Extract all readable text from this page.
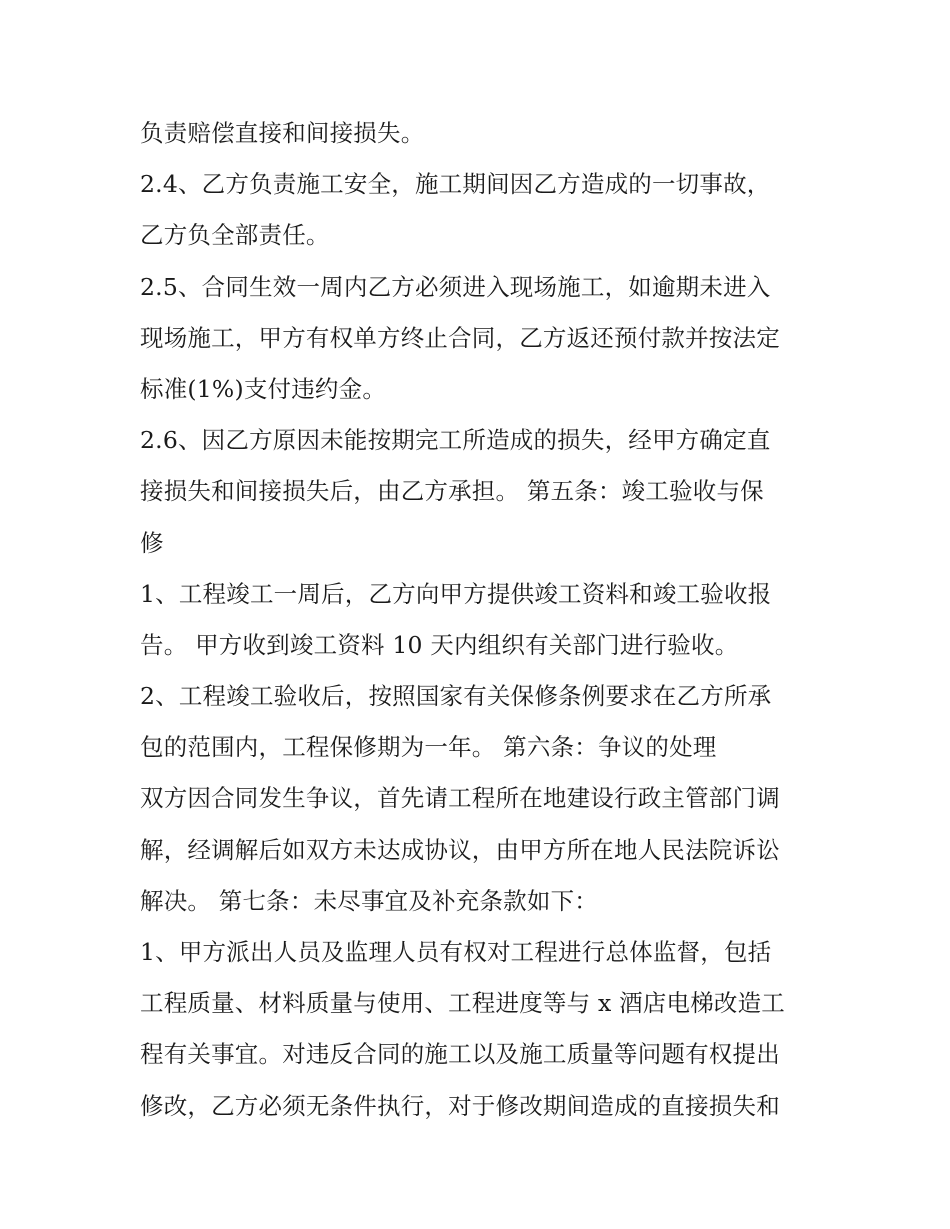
负责赔偿直接和间接损失。
2.4、乙方负责施工安全，施工期间因乙方造成的一切事故，
乙方负全部责任。
2.5、合同生效一周内乙方必须进入现场施工，如逾期未进入
现场施工，甲方有权单方终止合同，乙方返还预付款并按法定
标准(1%)支付违约金。
2.6、因乙方原因未能按期完工所造成的损失，经甲方确定直
接损失和间接损失后，由乙方承担。 第五条：竣工验收与保
修
1、工程竣工一周后，乙方向甲方提供竣工资料和竣工验收报
告。 甲方收到竣工资料 10 天内组织有关部门进行验收。
2、工程竣工验收后，按照国家有关保修条例要求在乙方所承
包的范围内，工程保修期为一年。 第六条：争议的处理
双方因合同发生争议，首先请工程所在地建设行政主管部门调
解，经调解后如双方未达成协议，由甲方所在地人民法院诉讼
解决。 第七条：未尽事宜及补充条款如下：
1、甲方派出人员及监理人员有权对工程进行总体监督，包括
工程质量、材料质量与使用、工程进度等与 x 酒店电梯改造工
程有关事宜。对违反合同的施工以及施工质量等问题有权提出
修改，乙方必须无条件执行，对于修改期间造成的直接损失和
